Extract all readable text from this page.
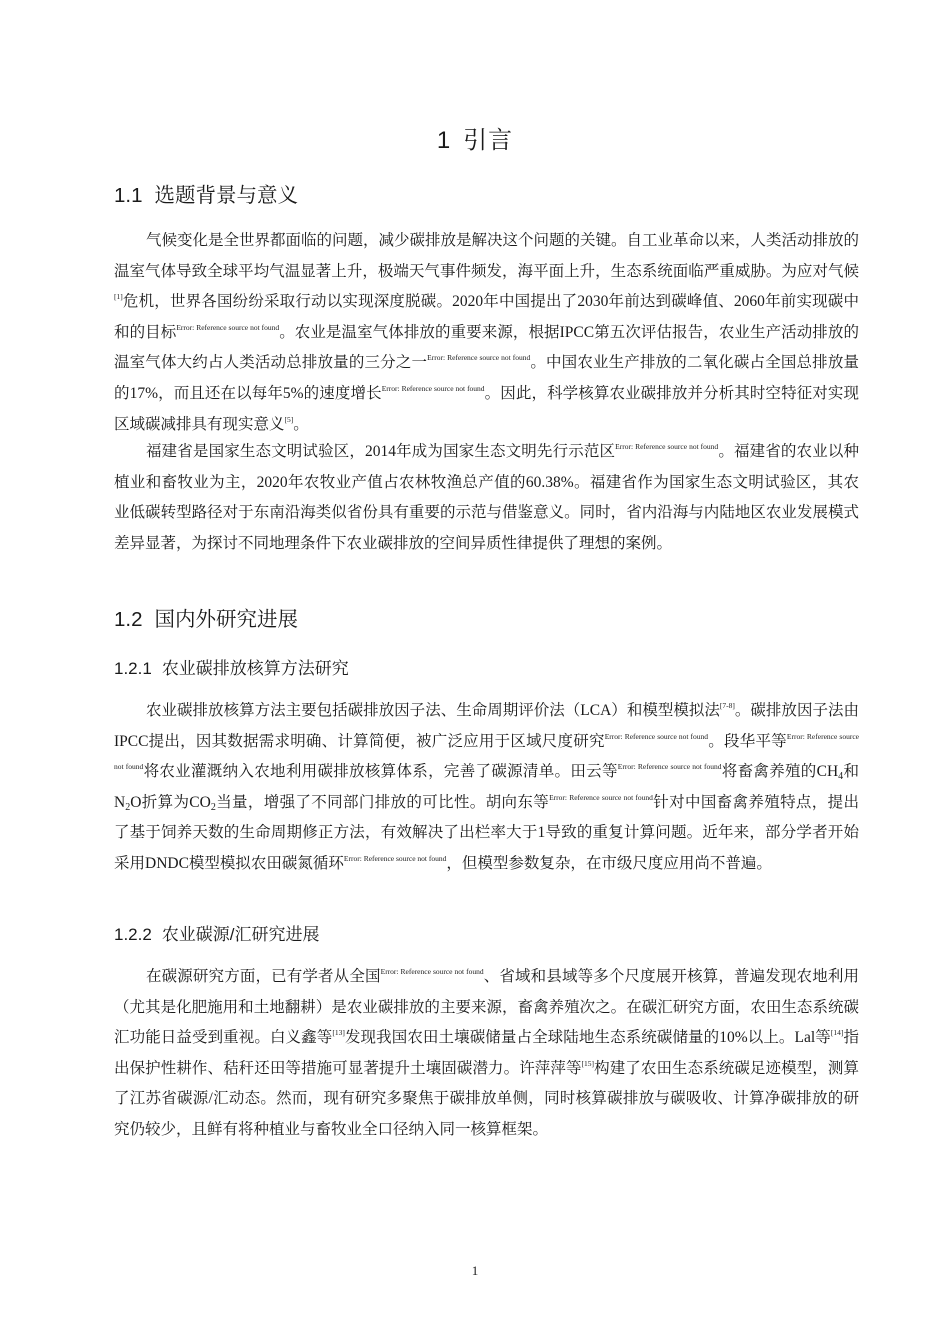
1 引言
1.1 选题背景与意义

气候变化是全世界都面临的问题，减少碳排放是解决这个问题的关键。自工业革命以来，人类活动排放的温室气体导致全球平均气温显著上升，极端天气事件频发，海平面上升，生态系统面临严重威胁。为应对气候[1]危机，世界各国纷纷采取行动以实现深度脱碳。2020年中国提出了2030年前达到碳峰值、2060年前实现碳中和的目标$^{Error: Reference source not found}$。农业是温室气体排放的重要来源，根据IPCC第五次评估报告，农业生产活动排放的温室气体大约占人类活动总排放量的三分之一$^{Error: Reference source not found}$。中国农业生产排放的二氧化碳占全国总排放量的17%，而且还在以每年5%的速度增长$^{Error: Reference source not found}$。因此，科学核算农业碳排放并分析其时空特征对实现区域碳减排具有现实意义[5]。

福建省是国家生态文明试验区，2014年成为国家生态文明先行示范区$^{Error: Reference source not found}$。福建省的农业以种植业和畜牧业为主，2020年农牧业产值占农林牧渔总产值的60.38%。福建省作为国家生态文明试验区，其农业低碳转型路径对于东南沿海类似省份具有重要的示范与借鉴意义。同时，省内沿海与内陆地区农业发展模式差异显著，为探讨不同地理条件下农业碳排放的空间异质性律提供了理想的案例。

1.2 国内外研究进展
1.2.1 农业碳排放核算方法研究

农业碳排放核算方法主要包括碳排放因子法、生命周期评价法（LCA）和模型模拟法[7-8]。碳排放因子法由IPCC提出，因其数据需求明确、计算简便，被广泛应用于区域尺度研究$^{Error: Reference source not found}$。段华平等$^{Error: Reference source not found}$将农业灌溉纳入农地利用碳排放核算体系，完善了碳源清单。田云等$^{Error: Reference source not found}$将畜禽养殖的$CH_4$和$N_2O$折算为$CO_2$当量，增强了不同部门排放的可比性。胡向东等$^{Error: Reference source not found}$针对中国畜禽养殖特点，提出了基于饲养天数的生命周期修正方法，有效解决了出栏率大于1导致的重复计算问题。近年来，部分学者开始采用DNDC模型模拟农田碳氮循环$^{Error: Reference source not found}$，但模型参数复杂，在市级尺度应用尚不普遍。

1.2.2 农业碳源/汇研究进展

在碳源研究方面，已有学者从全国$^{Error: Reference source not found}$、省域和县域等多个尺度展开核算，普遍发现农地利用（尤其是化肥施用和土地翻耕）是农业碳排放的主要来源，畜禽养殖次之。在碳汇研究方面，农田生态系统碳汇功能日益受到重视。白义鑫等[13]发现我国农田土壤碳储量占全球陆地生态系统碳储量的10%以上。Lal等[14]指出保护性耕作、秸秆还田等措施可显著提升土壤固碳潜力。许萍萍等[15]构建了农田生态系统碳足迹模型，测算了江苏省碳源/汇动态。然而，现有研究多聚焦于碳排放单侧，同时核算碳排放与碳吸收、计算净碳排放的研究仍较少，且鲜有将种植业与畜牧业全口径纳入同一核算框架。

1
